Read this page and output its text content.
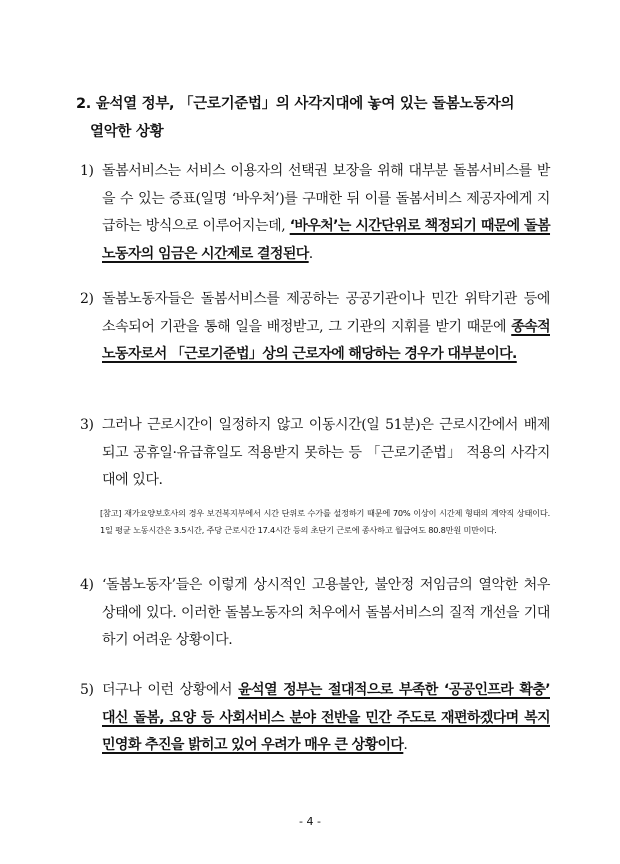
2. 윤석열 정부, 「근로기준법」의 사각지대에 놓여 있는 돌봄노동자의
열악한 상황
1) 돌봄서비스는 서비스 이용자의 선택권 보장을 위해 대부분 돌봄서비스를 받을 수 있는 증표(일명 ‘바우처’)를 구매한 뒤 이를 돌봄서비스 제공자에게 지급하는 방식으로 이루어지는데, ‘바우처’는 시간단위로 책정되기 때문에 돌봄노동자의 임금은 시간제로 결정된다.
2) 돌봄노동자들은 돌봄서비스를 제공하는 공공기관이나 민간 위탁기관 등에 소속되어 기관을 통해 일을 배정받고, 그 기관의 지휘를 받기 때문에 종속적 노동자로서 「근로기준법」상의 근로자에 해당하는 경우가 대부분이다.
3) 그러나 근로시간이 일정하지 않고 이동시간(일 51분)은 근로시간에서 배제되고 공휴일·유급휴일도 적용받지 못하는 등 「근로기준법」 적용의 사각지대에 있다.
[참고] 재가요양보호사의 경우 보건복지부에서 시간 단위로 수가를 설정하기 때문에 70% 이상이 시간제 형태의 계약직 상태이다. 1일 평균 노동시간은 3.5시간, 주당 근로시간 17.4시간 등의 초단기 근로에 종사하고 월급여도 80.8만원 미만이다.
4) ‘돌봄노동자’들은 이렇게 상시적인 고용불안, 불안정 저임금의 열악한 처우 상태에 있다. 이러한 돌봄노동자의 처우에서 돌봄서비스의 질적 개선을 기대하기 어려운 상황이다.
5) 더구나 이런 상황에서 윤석열 정부는 절대적으로 부족한 ‘공공인프라 확충’ 대신 돌봄, 요양 등 사회서비스 분야 전반을 민간 주도로 재편하겠다며 복지 민영화 추진을 밝히고 있어 우려가 매우 큰 상황이다.
- 4 -
